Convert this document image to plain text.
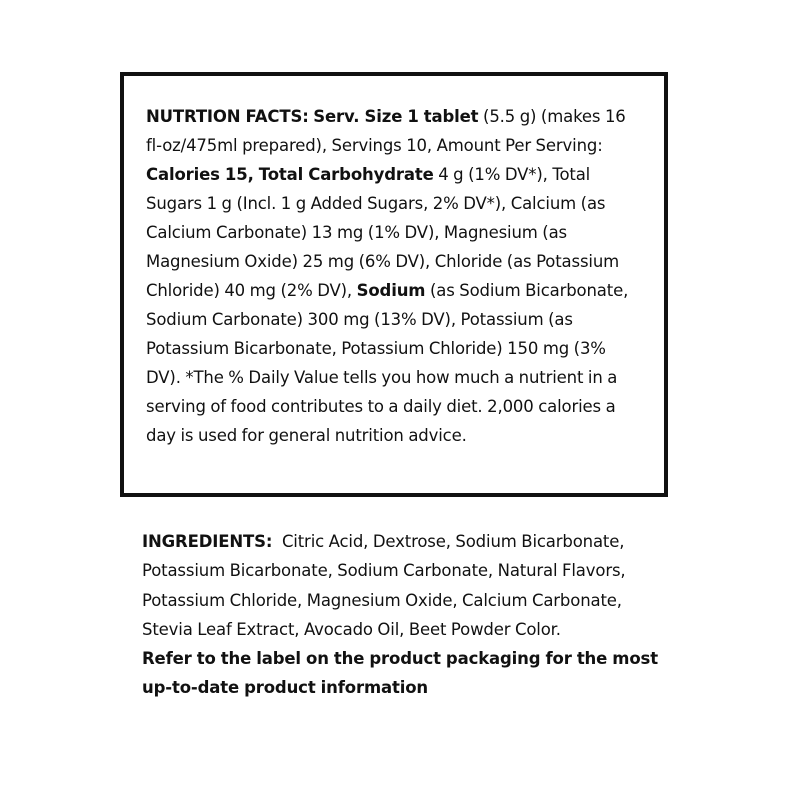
NUTRTION FACTS: Serv. Size 1 tablet (5.5 g) (makes 16 fl-oz/475ml prepared), Servings 10, Amount Per Serving: Calories 15, Total Carbohydrate 4 g (1% DV*), Total Sugars 1 g (Incl. 1 g Added Sugars, 2% DV*), Calcium (as Calcium Carbonate) 13 mg (1% DV), Magnesium (as Magnesium Oxide) 25 mg (6% DV), Chloride (as Potassium Chloride) 40 mg (2% DV), Sodium (as Sodium Bicarbonate, Sodium Carbonate) 300 mg (13% DV), Potassium (as Potassium Bicarbonate, Potassium Chloride) 150 mg (3% DV). *The % Daily Value tells you how much a nutrient in a serving of food contributes to a daily diet. 2,000 calories a day is used for general nutrition advice.
INGREDIENTS: Citric Acid, Dextrose, Sodium Bicarbonate, Potassium Bicarbonate, Sodium Carbonate, Natural Flavors, Potassium Chloride, Magnesium Oxide, Calcium Carbonate, Stevia Leaf Extract, Avocado Oil, Beet Powder Color.
Refer to the label on the product packaging for the most up-to-date product information
